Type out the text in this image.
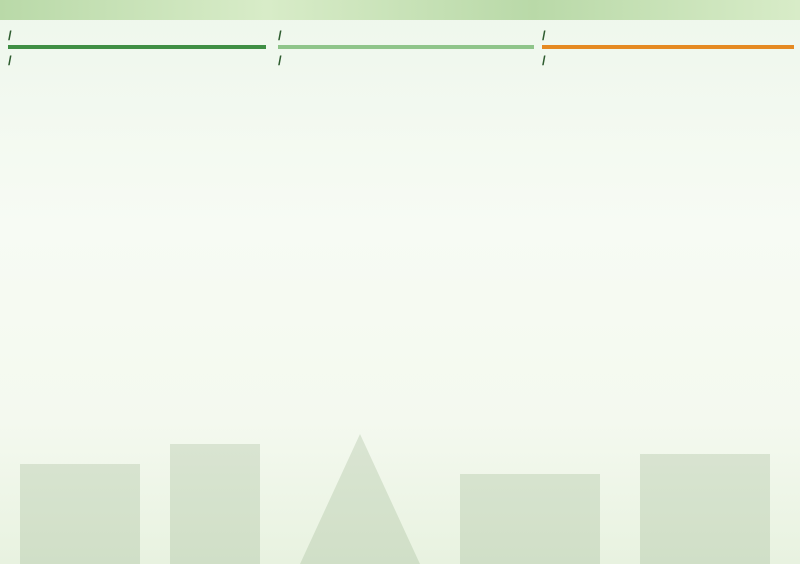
/
/
/
/
/
/
